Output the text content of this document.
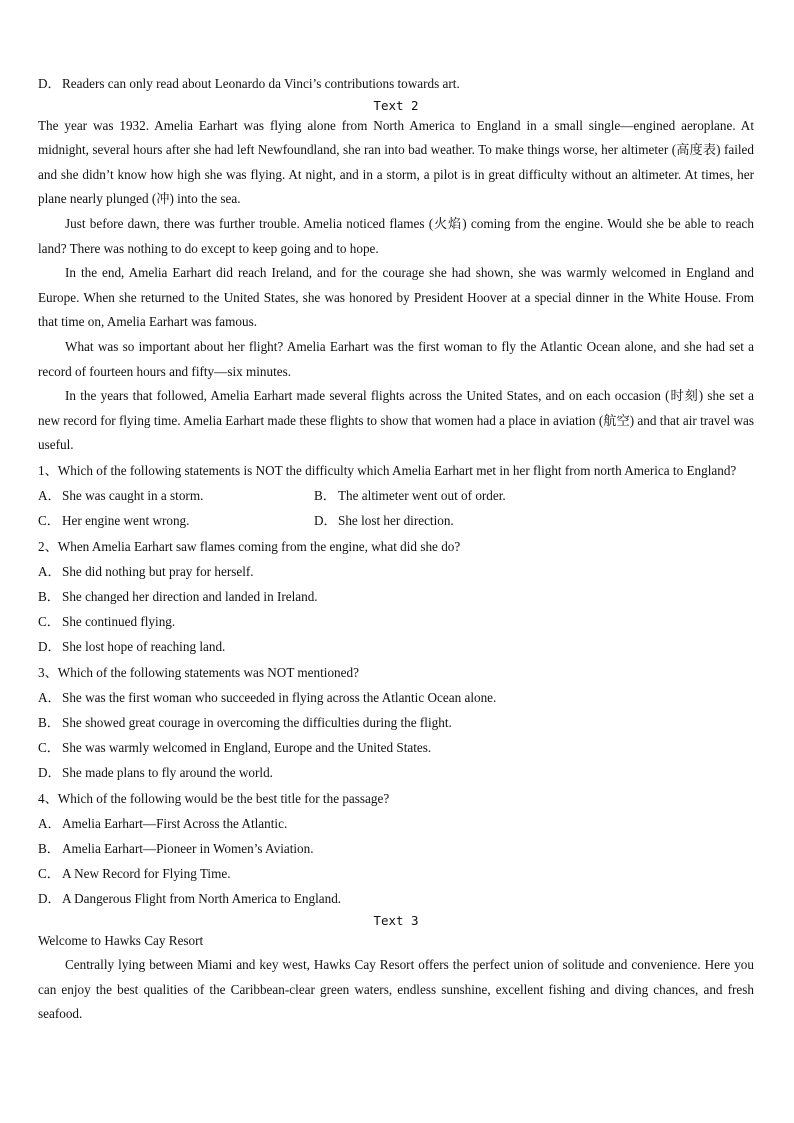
D．Readers can only read about Leonardo da Vinci’s contributions towards art.
Text 2
The year was 1932. Amelia Earhart was flying alone from North America to England in a small single—engined aeroplane. At midnight, several hours after she had left Newfoundland, she ran into bad weather. To make things worse, her altimeter (高度表) failed and she didn’t know how high she was flying. At night, and in a storm, a pilot is in great difficulty without an altimeter. At times, her plane nearly plunged (冲) into the sea.
Just before dawn, there was further trouble. Amelia noticed flames (火焰) coming from the engine. Would she be able to reach land? There was nothing to do except to keep going and to hope.
In the end, Amelia Earhart did reach Ireland, and for the courage she had shown, she was warmly welcomed in England and Europe. When she returned to the United States, she was honored by President Hoover at a special dinner in the White House. From that time on, Amelia Earhart was famous.
What was so important about her flight? Amelia Earhart was the first woman to fly the Atlantic Ocean alone, and she had set a record of fourteen hours and fifty—six minutes.
In the years that followed, Amelia Earhart made several flights across the United States, and on each occasion (时刻) she set a new record for flying time. Amelia Earhart made these flights to show that women had a place in aviation (航空) and that air travel was useful.
1、Which of the following statements is NOT the difficulty which Amelia Earhart met in her flight from north America to England?
A．She was caught in a storm.	B． The altimeter went out of order.
C． Her engine went wrong.	D．She lost her direction.
2、When Amelia Earhart saw flames coming from the engine, what did she do?
A．She did nothing but pray for herself.
B． She changed her direction and landed in Ireland.
C． She continued flying.
D．She lost hope of reaching land.
3、Which of the following statements was NOT mentioned?
A．She was the first woman who succeeded in flying across the Atlantic Ocean alone.
B． She showed great courage in overcoming the difficulties during the flight.
C． She was warmly welcomed in England, Europe and the United States.
D．She made plans to fly around the world.
4、Which of the following would be the best title for the passage?
A．Amelia Earhart—First Across the Atlantic.
B． Amelia Earhart—Pioneer in Women’s Aviation.
C． A New Record for Flying Time.
D．A Dangerous Flight from North America to England.
Text 3
Welcome to Hawks Cay Resort
Centrally lying between Miami and key west, Hawks Cay Resort offers the perfect union of solitude and convenience. Here you can enjoy the best qualities of the Caribbean-clear green waters, endless sunshine, excellent fishing and diving chances, and fresh seafood.
